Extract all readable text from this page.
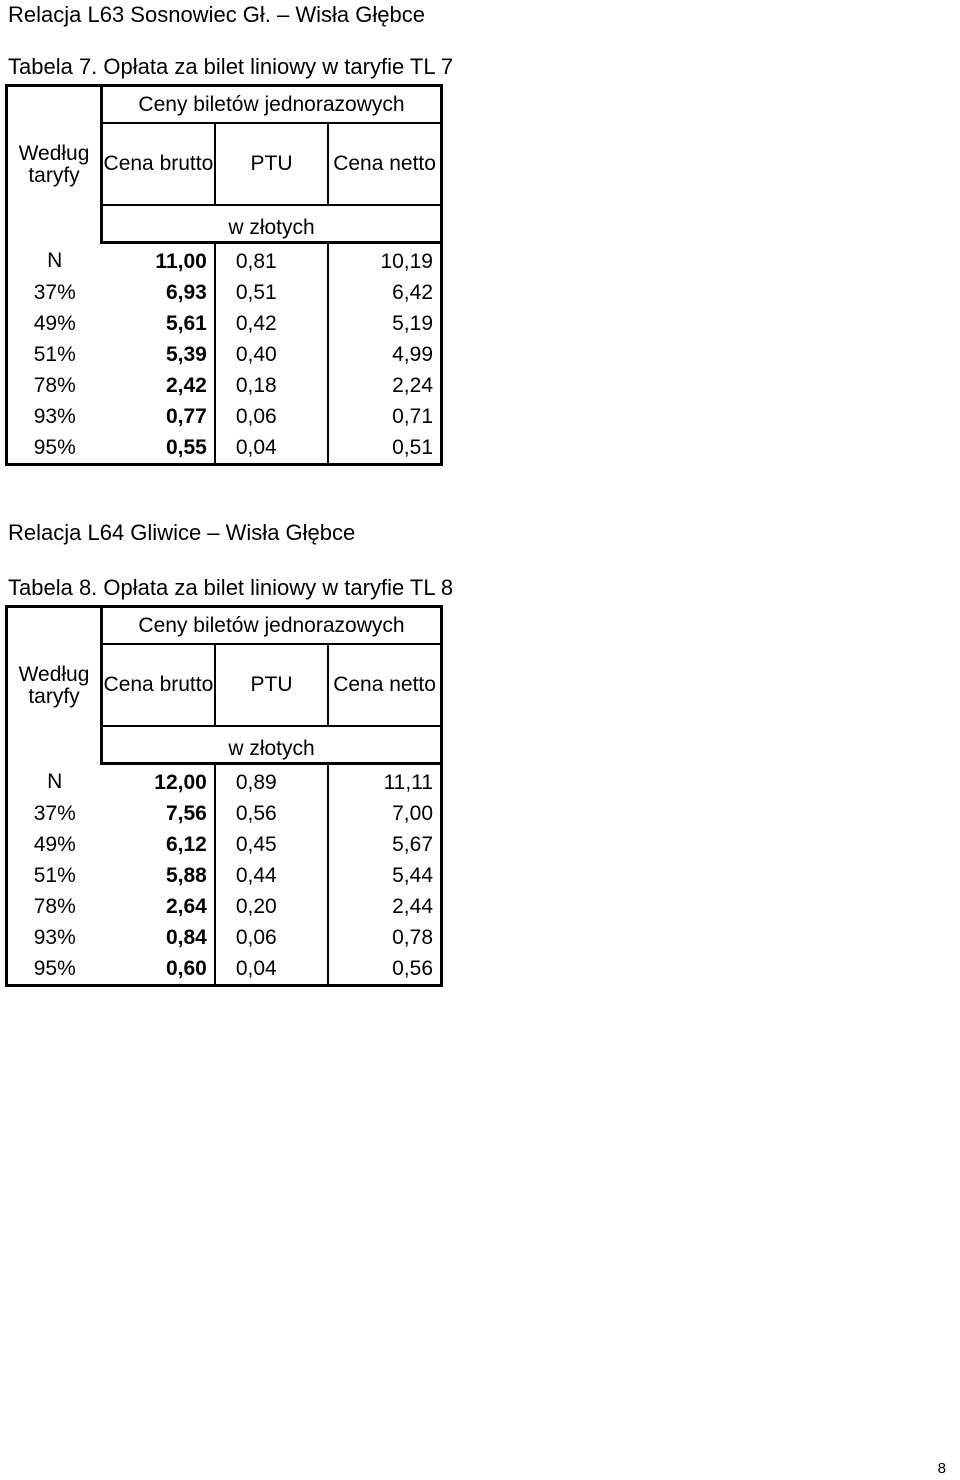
Relacja L63 Sosnowiec Gł. – Wisła Głębce
Tabela 7. Opłata za bilet liniowy w taryfie TL 7
Według taryfy	Ceny biletów jednorazowych		
	Cena brutto	PTU	Cena netto
	w złotych		
N	11,00	0,81	10,19
37%	6,93	0,51	6,42
49%	5,61	0,42	5,19
51%	5,39	0,40	4,99
78%	2,42	0,18	2,24
93%	0,77	0,06	0,71
95%	0,55	0,04	0,51
Relacja L64 Gliwice – Wisła Głębce
Tabela 8. Opłata za bilet liniowy w taryfie TL 8
Według taryfy	Ceny biletów jednorazowych		
	Cena brutto	PTU	Cena netto
	w złotych		
N	12,00	0,89	11,11
37%	7,56	0,56	7,00
49%	6,12	0,45	5,67
51%	5,88	0,44	5,44
78%	2,64	0,20	2,44
93%	0,84	0,06	0,78
95%	0,60	0,04	0,56
8
